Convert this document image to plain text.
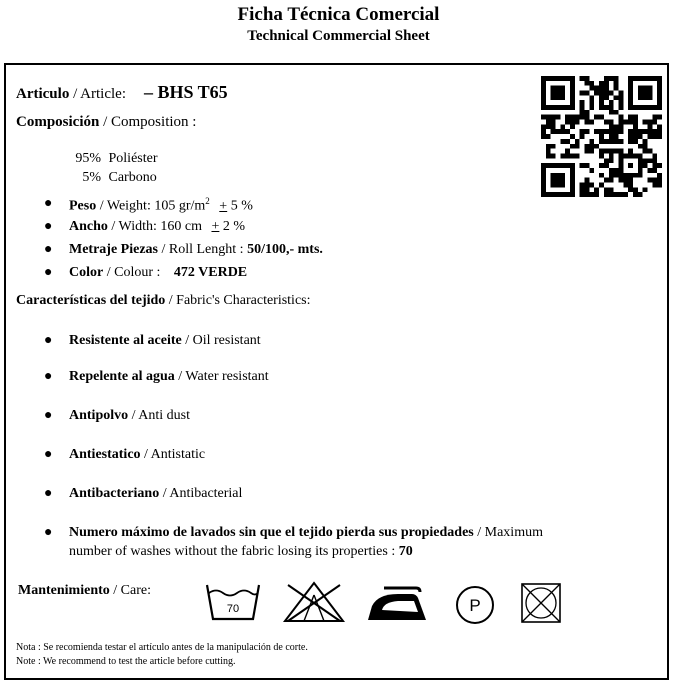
Ficha Técnica Comercial
Technical Commercial Sheet
Articulo / Article: – BHS T65
Composición / Composition :
95% Poliéster
5% Carbono
● Peso / Weight: 105 $gr/m^2 + 5$ %
● Ancho / Width: 160 cm + 2 %
● Metraje Piezas / Roll Lenght : 50/100,- mts.
● Color / Colour : 472 VERDE
Características del tejido / Fabric's Characteristics:
● Resistente al aceite / Oil resistant
● Repelente al agua / Water resistant
● Antipolvo / Anti dust
● Antiestatico / Antistatic
● Antibacteriano / Antibacterial
● Numero máximo de lavados sin que el tejido pierda sus propiedades / Maximum
number of washes without the fabric losing its properties : 70
Mantenimiento / Care:
70	P
Nota : Se recomienda testar el artículo antes de la manipulación de corte.
Note : We recommend to test the article before cutting.
